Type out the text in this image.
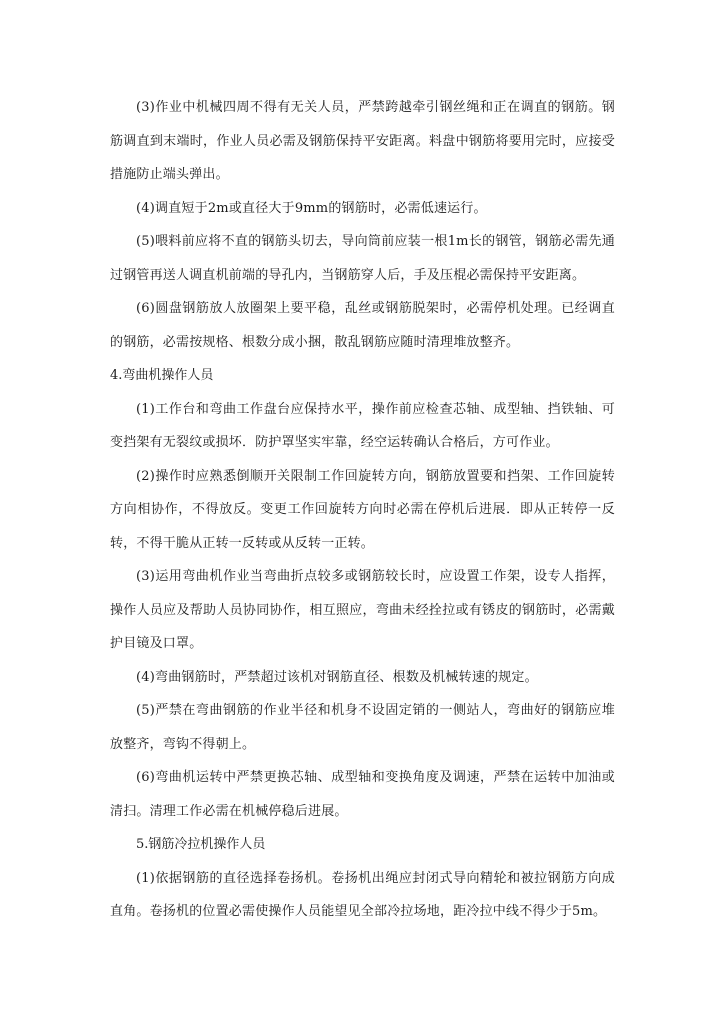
(3)作业中机械四周不得有无关人员，严禁跨越牵引钢丝绳和正在调直的钢筋。钢筋调直到末端时，作业人员必需及钢筋保持平安距离。料盘中钢筋将要用完时，应接受措施防止端头弹出。

(4)调直短于2m或直径大于9mm的钢筋时，必需低速运行。

(5)喂料前应将不直的钢筋头切去，导向筒前应装一根1m长的钢管，钢筋必需先通过钢管再送人调直机前端的导孔内，当钢筋穿人后，手及压棍必需保持平安距离。

(6)圆盘钢筋放人放圈架上要平稳，乱丝或钢筋脱架时，必需停机处理。已经调直的钢筋，必需按规格、根数分成小捆，散乱钢筋应随时清理堆放整齐。

4.弯曲机操作人员

(1)工作台和弯曲工作盘台应保持水平，操作前应检查芯轴、成型轴、挡铁轴、可变挡架有无裂纹或损坏．防护罩坚实牢靠，经空运转确认合格后，方可作业。

(2)操作时应熟悉倒顺开关限制工作回旋转方向，钢筋放置要和挡架、工作回旋转方向相协作，不得放反。变更工作回旋转方向时必需在停机后进展．即从正转停一反转，不得干脆从正转一反转或从反转一正转。

(3)运用弯曲机作业当弯曲折点较多或钢筋较长时，应设置工作架，设专人指挥，操作人员应及帮助人员协同协作，相互照应，弯曲未经拴拉或有锈皮的钢筋时，必需戴护目镜及口罩。

(4)弯曲钢筋时，严禁超过该机对钢筋直径、根数及机械转速的规定。

(5)严禁在弯曲钢筋的作业半径和机身不设固定销的一侧站人，弯曲好的钢筋应堆放整齐，弯钩不得朝上。

(6)弯曲机运转中严禁更换芯轴、成型轴和变换角度及调速，严禁在运转中加油或清扫。清理工作必需在机械停稳后进展。

5.钢筋冷拉机操作人员

(1)依据钢筋的直径选择卷扬机。卷扬机出绳应封闭式导向精轮和被拉钢筋方向成直角。卷扬机的位置必需使操作人员能望见全部冷拉场地，距冷拉中线不得少于5m。
